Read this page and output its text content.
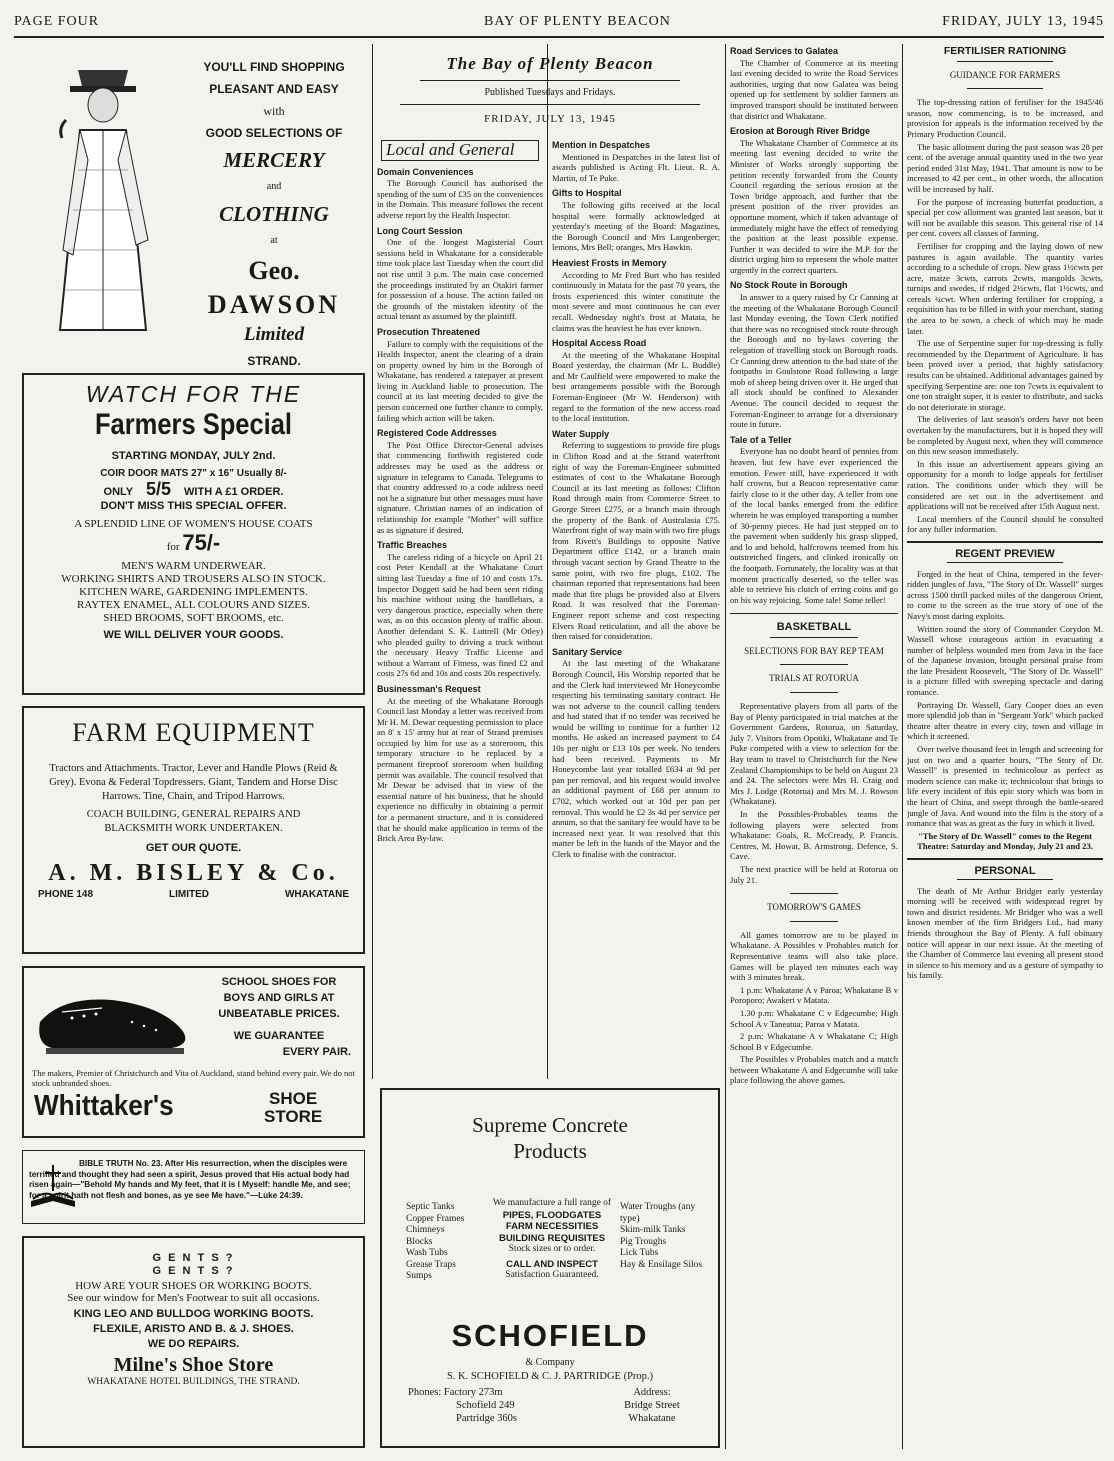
PAGE FOUR	BAY OF PLENTY BEACON	FRIDAY, JULY 13, 1945
YOU'LL FIND SHOPPING
PLEASANT AND EASY
with
GOOD SELECTIONS OF
MERCERY
and
CLOTHING
at
Geo.
DAWSON
Limited
STRAND.
WATCH FOR THE
Farmers Special
STARTING MONDAY, JULY 2nd.
COIR DOOR MATS 27" x 16" Usually 8/-
ONLY 5/5 WITH A £1 ORDER.
DON'T MISS THIS SPECIAL OFFER.
A SPLENDID LINE OF WOMEN'S HOUSE COATS
for 75/-
MEN'S WARM UNDERWEAR.
WORKING SHIRTS AND TROUSERS ALSO IN STOCK.
KITCHEN WARE, GARDENING IMPLEMENTS.
RAYTEX ENAMEL, ALL COLOURS AND SIZES.
SHED BROOMS, SOFT BROOMS, etc.
WE WILL DELIVER YOUR GOODS.
FARM EQUIPMENT
Tractors and Attachments. Tractor, Lever and Handle Plows (Reid & Grey). Evona & Federal Topdressers. Giant, Tandem and Horse Disc Harrows. Tine, Chain, and Tripod Harrows.
COACH BUILDING, GENERAL REPAIRS AND BLACKSMITH WORK UNDERTAKEN.
GET OUR QUOTE.
A. M. BISLEY & Co.
PHONE 148	LIMITED	WHAKATANE
SCHOOL SHOES FOR
BOYS AND GIRLS AT
UNBEATABLE PRICES.
WE GUARANTEE
EVERY PAIR.
The makers, Premier of Christchurch and Vita of Auckland, stand behind every pair. We do not stock unbranded shoes.
Whittaker's	SHOE
STORE
BIBLE TRUTH No. 23. After His resurrection, when the disciples were terrified and thought they had seen a spirit, Jesus proved that His actual body had risen again—"Behold My hands and My feet, that it is I Myself: handle Me, and see; for a spirit hath not flesh and bones, as ye see Me have."—Luke 24:39.
G E N T S ?
G E N T S ?
HOW ARE YOUR SHOES OR WORKING BOOTS.
See our window for Men's Footwear to suit all occasions.
KING LEO AND BULLDOG WORKING BOOTS.
FLEXILE, ARISTO AND B. & J. SHOES.
WE DO REPAIRS.
Milne's Shoe Store
WHAKATANE HOTEL BUILDINGS, THE STRAND.
The Bay of Plenty Beacon
Published Tuesdays and Fridays.
FRIDAY, JULY 13, 1945
Local and General
Domain Conveniences

The Borough Council has authorised the spending of the sum of £35 on the conveniences in the Domain. This measure follows the recent adverse report by the Health Inspector.

Long Court Session

One of the longest Magisterial Court sessions held in Whakatane for a considerable time took place last Tuesday when the court did not rise until 3 p.m. The main case concerned the proceedings instituted by an Otakiri farmer for possession of a house. The action failed on the grounds of the mistaken identity of the actual tenant as assumed by the plaintiff.

Prosecution Threatened

Failure to comply with the requisitions of the Health Inspector, anent the clearing of a drain on property owned by him in the Borough of Whakatane, has rendered a ratepayer at present living in Auckland liable to prosecution. The council at its last meeting decided to give the person concerned one further chance to comply, failing which action will be taken.

Registered Code Addresses

The Post Office Director-General advises that commencing forthwith registered code addresses may be used as the address or signature in telegrams to Canada. Telegrams to that country addressed to a code address need not be a signature but other messages must have signature. Christian names of an indication of relationship for example "Mother" will suffice as as signature if desired.

Traffic Breaches

The careless riding of a bicycle on April 21 cost Peter Kendall at the Whakatane Court sitting last Tuesday a fine of 10 and costs 17s. Inspector Doggett said he had been seen riding his machine without using the handlebars, a very dangerous practice, especially when there was, as on this occasion plenty of traffic about. Another defendant S. K. Luttrell (Mr Otley) who pleaded guilty to driving a truck without the necessary Heavy Traffic License and without a Warrant of Fitness, was fined £2 and costs 27s 6d and 10s and costs 20s respectively.

Businessman's Request

At the meeting of the Whakatane Borough Council last Monday a letter was received from Mr H. M. Dewar requesting permission to place an 8' x 15' army hut at rear of Strand premises occupied by him for use as a storeroom, this temporary structure to be replaced by a permanent fireproof storeroom when building permit was available. The council resolved that Mr Dewar be advised that in view of the essential nature of his business, that he should experience no difficulty in obtaining a permit for a permanent structure, and it is considered that he should make application in terms of the Brick Area By-law.

Mention in Despatches

Mentioned in Despatches in the latest list of awards published is Acting Flt. Lieut. R. A. Martin, of Te Puke.

Gifts to Hospital

The following gifts received at the local hospital were formally acknowledged at yesterday's meeting of the Board: Magazines, the Borough Council and Mrs Langenberger; lemons, Mrs Bell; oranges, Mrs Hawkin.

Heaviest Frosts in Memory

According to Mr Fred Burt who has resided continuously in Matata for the past 70 years, the frosts experienced this winter constitute the most severe and most continuous he can ever recall. Wednesday night's frost at Matata, he claims was the heaviest he has ever known.

Hospital Access Road

At the meeting of the Whakatane Hospital Board yesterday, the chairman (Mr L. Buddle) and Mr Caulfield were empowered to make the best arrangements possible with the Borough Foreman-Engineer (Mr W. Henderson) with regard to the formation of the new access road to the local institution.

Water Supply

Referring to suggestions to provide fire plugs in Clifton Road and at the Strand waterfront right of way the Foreman-Engineer submitted estimates of cost to the Whakatane Borough Council at its last meeting as follows: Clifton Road through main from Commerce Street to George Street £275, or a branch main through the property of the Bank of Australasia £75. Waterfront right of way main with two fire plugs from Rivett's Buildings to opposite Native Department office £142, or a branch main through vacant section by Grand Theatre to the same point, with two fire plugs, £102. The chairman reported that representations had been made that fire plugs be provided also at Elvers Road. It was resolved that the Foreman-Engineer report scheme and cost respecting Elvers Road reticulation, and all the above be then raised for consideration.

Sanitary Service

At the last meeting of the Whakatane Borough Council, His Worship reported that he and the Clerk had interviewed Mr Honeycombe respecting his terminating sanitary contract. He was not adverse to the council calling tenders and had stated that if no tender was received he would be willing to continue for a further 12 months. He asked an increased payment to £4 10s per night or £13 10s per week. No tenders had been received. Payments to Mr Honeycombe last year totalled £634 at 9d per pan per removal, and his request would involve an additional payment of £68 per annum to £702, which worked out at 10d per pan per removal. This would be £2 3s 4d per service per annum, so that the sanitary fee would have to be increased next year. It was resolved that this matter be left in the hands of the Mayor and the Clerk to finalise with the contractor.

Supreme Concrete
Products
Septic Tanks
Copper Frames
Chimneys
Blocks
Wash Tubs
Grease Traps
Sumps
We manufacture a full range of
PIPES, FLOODGATES
FARM NECESSITIES
BUILDING REQUISITES
Stock sizes or to order.
CALL AND INSPECT
Satisfaction Guaranteed.
Water Troughs (any type)
Skim-milk Tanks
Pig Troughs
Lick Tubs
Hay & Ensilage Silos
SCHOFIELD
& Company
S. K. SCHOFIELD & C. J. PARTRIDGE (Prop.)
Phones: Factory 273m
Schofield 249
Partridge 360s
Address:
Bridge Street
Whakatane
Road Services to Galatea

The Chamber of Commerce at its meeting last evening decided to write the Road Services authorities, urging that now Galatea was being opened up for settlement by soldier farmers an improved transport should be instituted between that district and Whakatane.

Erosion at Borough River Bridge

The Whakatane Chamber of Commerce at its meeting last evening decided to write the Minister of Works strongly supporting the petition recently forwarded from the County Council regarding the serious erosion at the Town bridge approach, and further that the present position of the river provides an opportune moment, which if taken advantage of immediately might have the effect of remedying the position at the least possible expense. Further it was decided to wire the M.P. for the district urging him to represent the whole matter urgently in the correct quarters.

No Stock Route in Borough

In answer to a query raised by Cr Canning at the meeting of the Whakatane Borough Council last Monday evening, the Town Clerk notified that there was no recognised stock route through the Borough and no by-laws covering the relegation of travelling stock on Borough roads. Cr Canning drew attention to the bad state of the footpaths in Goulstone Road following a large mob of sheep being driven over it. He urged that all stock should be confined to Alexander Avenue. The council decided to request the Foreman-Engineer to arrange for a diversionary route in future.

Tale of a Teller

Everyone has no doubt heard of pennies from heaven, but few have ever experienced the emotion. Fewer still, have experienced it with half crowns, but a Beacon representative came fairly close to it the other day. A teller from one of the local banks emerged from the edifice wherein he was employed transporting a number of 30-penny pieces. He had just stepped on to the pavement when suddenly his grasp slipped, and lo and behold, halfcrowns teemed from his outstretched fingers, and clinked ironically on the footpath. Fortunately, the locality was at that moment practically deserted, so the teller was able to retrieve his clutch of erring coins and go on his way rejoicing. Some tale! Some teller!

BASKETBALL
SELECTIONS FOR BAY REP TEAM
TRIALS AT ROTORUA

Representative players from all parts of the Bay of Plenty participated in trial matches at the Government Gardens, Rotorua, on Saturday, July 7. Visitors from Opotiki, Whakatane and Te Puke competed with a view to selection for the Bay team to travel to Christchurch for the New Zealand Championships to be held on August 23 and 24. The selectors were Mrs H. Craig and Mrs J. Lodge (Rotorua) and Mrs M. J. Rowson (Whakatane).

In the Possibles-Probables teams the following players were selected from Whakatane: Goals, R. McCready, P. Francis. Centres, M. Howat, B. Armstrong. Defence, S. Cave.

The next practice will be held at Rotorua on July 21.

TOMORROW'S GAMES

All games tomorrow are to be played in Whakatane. A Possibles v Probables match for Representative teams will also take place. Games will be played ten minutes each way with 3 minutes break.

1 p.m: Whakatane A v Paroa; Whakatane B v Poroporo; Awakeri v Matata.

1.30 p.m: Whakatane C v Edgecumbe; High School A v Taneatua; Paroa v Matata.

2 p.m: Whakatane A v Whakatane C; High School B v Edgecumbe.

The Possibles v Probables match and a match between Whakatane A and Edgecumbe will take place following the above games.

FERTILISER RATIONING
GUIDANCE FOR FARMERS

The top-dressing ration of fertiliser for the 1945/46 season, now commencing, is to be increased, and provision for appeals is the information received by the Primary Production Council.

The basic allotment during the past season was 28 per cent. of the average annual quantity used in the two year period ended 31st May, 1941. That amount is now to be increased to 42 per cent., in other words, the allocation will be increased by half.

For the purpose of increasing butterfat production, a special per cow allotment was granted last season, but it will not be available this season. This general rise of 14 per cent. covers all classes of farming.

Fertiliser for cropping and the laying down of new pastures is again available. The quantity varies according to a schedule of crops. New grass 1½cwts per acre, maize 3cwts, carrots 2cwts, mangolds 3cwts, turnips and swedes, if ridged 2½cwts, flat 1½cwts, and cereals ¾cwt. When ordering fertiliser for cropping, a requisition has to be filled in with your merchant, stating the area to be sown, a check of which may be made later.

The use of Serpentine super for top-dressing is fully recommended by the Department of Agriculture. It has been proved over a period, that highly satisfactory results can be obtained. Additional advantages gained by specifying Serpentine are: one ton 7cwts is equivalent to one ton straight super, it is easier to distribute, and sacks do not deteriorate in storage.

The deliveries of last season's orders have not been overtaken by the manufacturers, but it is hoped they will be completed by August next, when they will commence on this new season immediately.

In this issue an advertisement appears giving an opportunity for a month to lodge appeals for fertiliser ration. The conditions under which they will be considered are set out in the advertisement and applications will not be received after 15th August next.

Local members of the Council should be consulted for any fuller information.

REGENT PREVIEW

Forged in the heat of China, tempered in the fever-ridden jungles of Java, "The Story of Dr. Wassell" surges across 1500 thrill packed miles of the dangerous Orient, to come to the screen as the true story of one of the Navy's most daring exploits.

Written round the story of Commander Corydon M. Wassell whose courageous action in evacuating a number of helpless wounded men from Java in the face of the Japanese invasion, brought personal praise from the late President Roosevelt, "The Story of Dr. Wassell" is a picture filled with sweeping spectacle and daring romance.

Portraying Dr. Wassell, Gary Cooper does an even more splendid job than in "Sergeant York" which packed theatre after theatre in every city, town and village in which it screened.

Over twelve thousand feet in length and screening for just on two and a quarter hours, "The Story of Dr. Wassell" is presented in technicolour as perfect as modern science can make it; technicolour that brings to life every incident of this epic story which was born in the heart of China, and swept through the battle-seared jungle of Java. And wound into the film is the story of a romance that was as great as the fury in which it lived.

"The Story of Dr. Wassell" comes to the Regent Theatre: Saturday and Monday, July 21 and 23.

PERSONAL

The death of Mr Arthur Bridger early yesterday morning will be received with widespread regret by town and district residents. Mr Bridger who was a well known member of the firm Bridgers Ltd., had many friends throughout the Bay of Plenty. A full obituary notice will appear in our next issue. At the meeting of the Chamber of Commerce last evening all present stood in silence to his memory and as a gesture of sympathy to his family.
